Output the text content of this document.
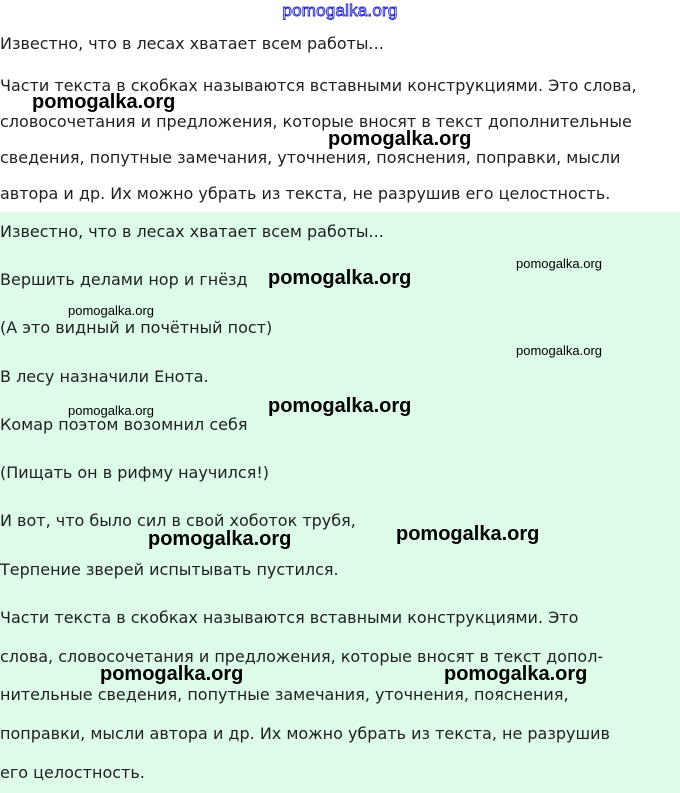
pomogalka.org
Известно, что в лесах хватает всем работы...
Части текста в скобках называются вставными конструкциями. Это слова,
словосочетания и предложения, которые вносят в текст дополнительные
сведения, попутные замечания, уточнения, пояснения, поправки, мысли
автора и др. Их можно убрать из текста, не разрушив его целостность.
Известно, что в лесах хватает всем работы...
Вершить делами нор и гнёзд
(А это видный и почётный пост)
В лесу назначили Енота.
Комар поэтом возомнил себя
(Пищать он в рифму научился!)
И вот, что было сил в свой хоботок трубя,
Терпение зверей испытывать пустился.
Части текста в скобках называются вставными конструкциями. Это
слова, словосочетания и предложения, которые вносят в текст допол-
нительные сведения, попутные замечания, уточнения, пояснения,
поправки, мысли автора и др. Их можно убрать из текста, не разрушив
его целостность.
pomogalka.org
pomogalka.org
pomogalka.org
pomogalka.org
pomogalka.org
pomogalka.org
pomogalka.org	pomogalka.org
pomogalka.org
pomogalka.org
pomogalka.org	pomogalka.org
